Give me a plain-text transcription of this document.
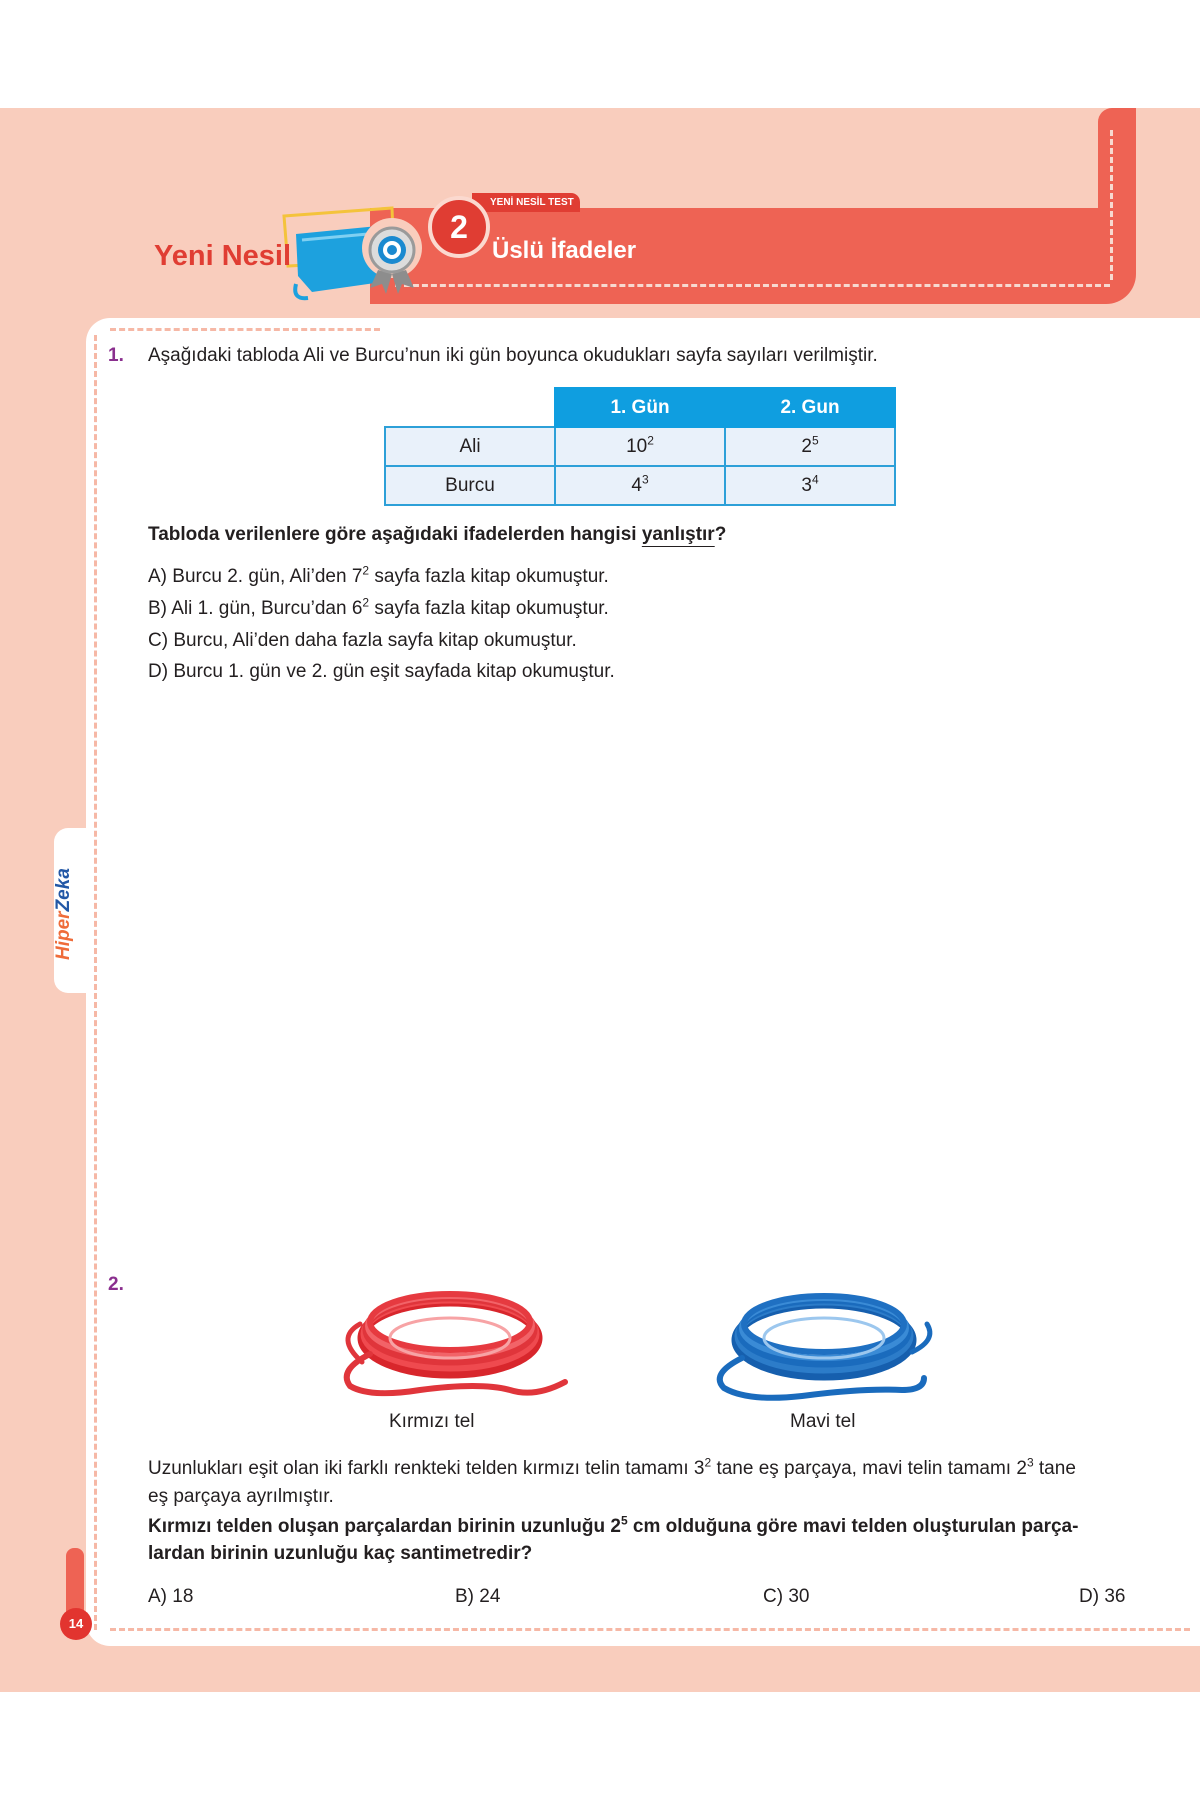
Yeni Nesil
YENİ NESİL TEST
2
Üslü İfadeler
HiperZeka
14
1. Aşağıdaki tabloda Ali ve Burcu’nun iki gün boyunca okudukları sayfa sayıları verilmiştir.
	1. Gün	2. Gun
Ali	$10^2$	$2^5$
Burcu	$4^3$	$3^4$
Tabloda verilenlere göre aşağıdaki ifadelerden hangisi yanlıştır?
A) Burcu 2. gün, Ali’den $7^2$ sayfa fazla kitap okumuştur.
B) Ali 1. gün, Burcu’dan $6^2$ sayfa fazla kitap okumuştur.
C) Burcu, Ali’den daha fazla sayfa kitap okumuştur.
D) Burcu 1. gün ve 2. gün eşit sayfada kitap okumuştur.
2.
Kırmızı tel	Mavi tel
Uzunlukları eşit olan iki farklı renkteki telden kırmızı telin tamamı $3^2$ tane eş parçaya, mavi telin tamamı $2^3$ tane
eş parçaya ayrılmıştır.
Kırmızı telden oluşan parçalardan birinin uzunluğu $2^5$ cm olduğuna göre mavi telden oluşturulan parça-
lardan birinin uzunluğu kaç santimetredir?
A) 18	B) 24	C) 30	D) 36
